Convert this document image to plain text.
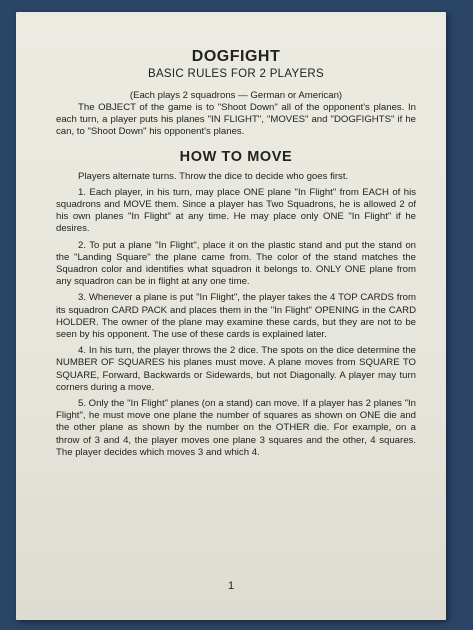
DOGFIGHT
BASIC RULES FOR 2 PLAYERS

(Each plays 2 squadrons — German or American)

The OBJECT of the game is to "Shoot Down" all of the opponent's planes. In each turn, a player puts his planes "IN FLIGHT", "MOVES" and "DOGFIGHTS" if he can, to "Shoot Down" his opponent's planes.

HOW TO MOVE

Players alternate turns. Throw the dice to decide who goes first.

1. Each player, in his turn, may place ONE plane "In Flight" from EACH of his squadrons and MOVE them. Since a player has Two Squadrons, he is allowed 2 of his own planes "In Flight" at any time. He may place only ONE "In Flight" if he desires.

2. To put a plane "In Flight", place it on the plastic stand and put the stand on the "Landing Square" the plane came from. The color of the stand matches the Squadron color and identifies what squadron it belongs to. ONLY ONE plane from any squadron can be in flight at any one time.

3. Whenever a plane is put "In Flight", the player takes the 4 TOP CARDS from its squadron CARD PACK and places them in the "In Flight" OPENING in the CARD HOLDER. The owner of the plane may examine these cards, but they are not to be seen by his opponent. The use of these cards is explained later.

4. In his turn, the player throws the 2 dice. The spots on the dice determine the NUMBER OF SQUARES his planes must move. A plane moves from SQUARE TO SQUARE, Forward, Backwards or Sidewards, but not Diagonally. A player may turn corners during a move.

5. Only the "In Flight" planes (on a stand) can move. If a player has 2 planes "In Flight", he must move one plane the number of squares as shown on ONE die and the other plane as shown by the number on the OTHER die. For example, on a throw of 3 and 4, the player moves one plane 3 squares and the other, 4 squares. The player decides which moves 3 and which 4.

1
